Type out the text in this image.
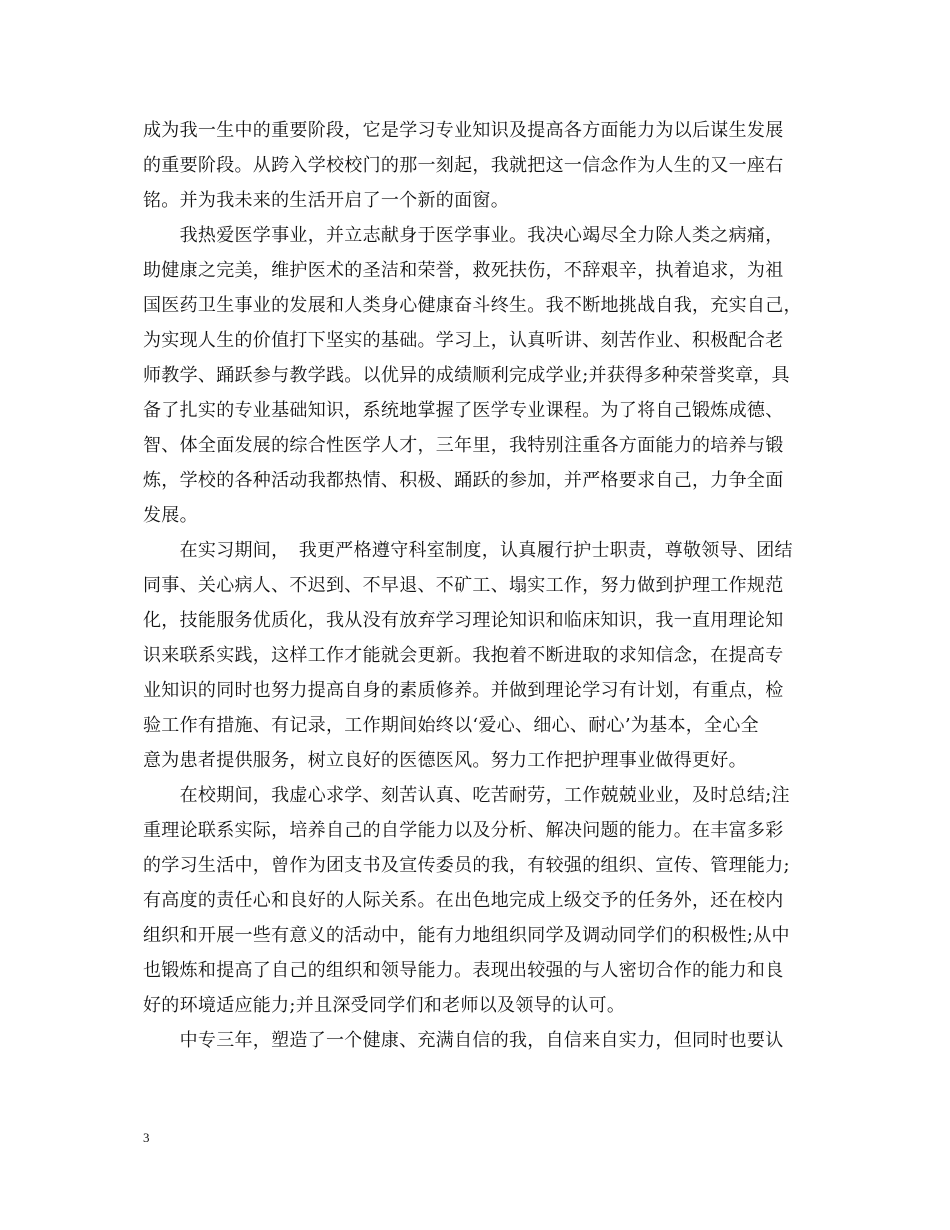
成为我一生中的重要阶段，它是学习专业知识及提高各方面能力为以后谋生发展
的重要阶段。从跨入学校校门的那一刻起，我就把这一信念作为人生的又一座右
铭。并为我未来的生活开启了一个新的面窗。
　　我热爱医学事业，并立志献身于医学事业。我决心竭尽全力除人类之病痛，
助健康之完美，维护医术的圣洁和荣誉，救死扶伤，不辞艰辛，执着追求，为祖
国医药卫生事业的发展和人类身心健康奋斗终生。我不断地挑战自我，充实自己，
为实现人生的价值打下坚实的基础。学习上，认真听讲、刻苦作业、积极配合老
师教学、踊跃参与教学践。以优异的成绩顺利完成学业;并获得多种荣誉奖章，具
备了扎实的专业基础知识，系统地掌握了医学专业课程。为了将自己锻炼成德、
智、体全面发展的综合性医学人才，三年里，我特别注重各方面能力的培养与锻
炼，学校的各种活动我都热情、积极、踊跃的参加，并严格要求自己，力争全面
发展。
　　在实习期间，　我更严格遵守科室制度，认真履行护士职责，尊敬领导、团结
同事、关心病人、不迟到、不早退、不矿工、塌实工作，努力做到护理工作规范
化，技能服务优质化，我从没有放弃学习理论知识和临床知识，我一直用理论知
识来联系实践，这样工作才能就会更新。我抱着不断进取的求知信念，在提高专
业知识的同时也努力提高自身的素质修养。并做到理论学习有计划，有重点，检
验工作有措施、有记录，工作期间始终以‘爱心、细心、耐心’为基本，全心全
意为患者提供服务，树立良好的医德医风。努力工作把护理事业做得更好。
　　在校期间，我虚心求学、刻苦认真、吃苦耐劳，工作兢兢业业，及时总结;注
重理论联系实际，培养自己的自学能力以及分析、解决问题的能力。在丰富多彩
的学习生活中，曾作为团支书及宣传委员的我，有较强的组织、宣传、管理能力;
有高度的责任心和良好的人际关系。在出色地完成上级交予的任务外，还在校内
组织和开展一些有意义的活动中，能有力地组织同学及调动同学们的积极性;从中
也锻炼和提高了自己的组织和领导能力。表现出较强的与人密切合作的能力和良
好的环境适应能力;并且深受同学们和老师以及领导的认可。
　　中专三年，塑造了一个健康、充满自信的我，自信来自实力，但同时也要认
3
